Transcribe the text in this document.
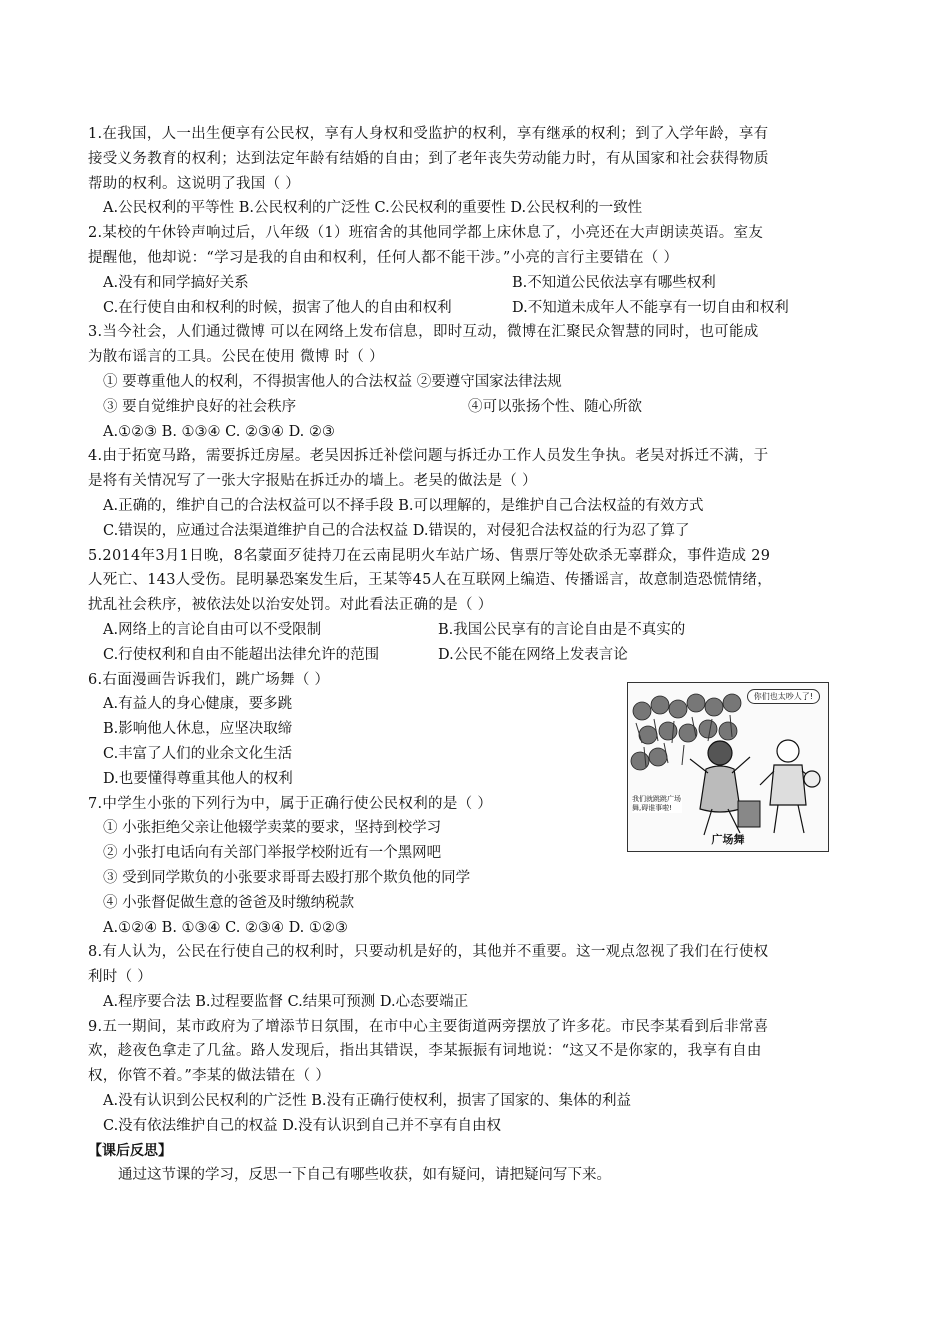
1.在我国，人一出生便享有公民权，享有人身权和受监护的权利，享有继承的权利；到了入学年龄，享有
接受义务教育的权利；达到法定年龄有结婚的自由；到了老年丧失劳动能力时，有从国家和社会获得物质
帮助的权利。这说明了我国（ ）
A.公民权利的平等性 B.公民权利的广泛性 C.公民权利的重要性 D.公民权利的一致性
2.某校的午休铃声响过后，八年级（1）班宿舍的其他同学都上床休息了，小亮还在大声朗读英语。室友
提醒他，他却说：“学习是我的自由和权利，任何人都不能干涉。”小亮的言行主要错在（ ）
A.没有和同学搞好关系	B.不知道公民依法享有哪些权利
C.在行使自由和权利的时候，损害了他人的自由和权利	D.不知道未成年人不能享有一切自由和权利
3.当今社会，人们通过微博 可以在网络上发布信息，即时互动，微博在汇聚民众智慧的同时，也可能成
为散布谣言的工具。公民在使用 微博 时（ ）
① 要尊重他人的权利，不得损害他人的合法权益 ②要遵守国家法律法规
③ 要自觉维护良好的社会秩序	④可以张扬个性、随心所欲
A.①②③ B. ①③④ C. ②③④ D. ②③
4.由于拓宽马路，需要拆迁房屋。老吴因拆迁补偿问题与拆迁办工作人员发生争执。老吴对拆迁不满，于
是将有关情况写了一张大字报贴在拆迁办的墙上。老吴的做法是（ ）
A.正确的，维护自己的合法权益可以不择手段 B.可以理解的，是维护自己合法权益的有效方式
C.错误的，应通过合法渠道维护自己的合法权益 D.错误的，对侵犯合法权益的行为忍了算了
5.2014年3月1日晚，8名蒙面歹徒持刀在云南昆明火车站广场、售票厅等处砍杀无辜群众，事件造成 29
人死亡、143人受伤。昆明暴恐案发生后，王某等45人在互联网上编造、传播谣言，故意制造恐慌情绪，
扰乱社会秩序，被依法处以治安处罚。对此看法正确的是（ ）
A.网络上的言论自由可以不受限制	B.我国公民享有的言论自由是不真实的
C.行使权利和自由不能超出法律允许的范围	D.公民不能在网络上发表言论
6.右面漫画告诉我们，跳广场舞（ ）
A.有益人的身心健康，要多跳
B.影响他人休息，应坚决取缔
C.丰富了人们的业余文化生活
D.也要懂得尊重其他人的权利
7.中学生小张的下列行为中，属于正确行使公民权利的是（ ）
① 小张拒绝父亲让他辍学卖菜的要求，坚持到校学习
② 小张打电话向有关部门举报学校附近有一个黑网吧
③ 受到同学欺负的小张要求哥哥去殴打那个欺负他的同学
④ 小张督促做生意的爸爸及时缴纳税款
A.①②④ B. ①③④ C. ②③④ D. ①②③
8.有人认为，公民在行使自己的权利时，只要动机是好的，其他并不重要。这一观点忽视了我们在行使权
利时（ ）
A.程序要合法 B.过程要监督 C.结果可预测 D.心态要端正
9.五一期间，某市政府为了增添节日氛围，在市中心主要街道两旁摆放了许多花。市民李某看到后非常喜
欢，趁夜色拿走了几盆。路人发现后，指出其错误，李某振振有词地说：“这又不是你家的，我享有自由
权，你管不着。”李某的做法错在（ ）
A.没有认识到公民权利的广泛性 B.没有正确行使权利，损害了国家的、集体的利益
C.没有依法维护自己的权益 D.没有认识到自己并不享有自由权
【课后反思】
通过这节课的学习，反思一下自己有哪些收获，如有疑问，请把疑问写下来。
你们也太吵人了!
我们就跳跳广场舞,碍谁事啦!
广场舞
